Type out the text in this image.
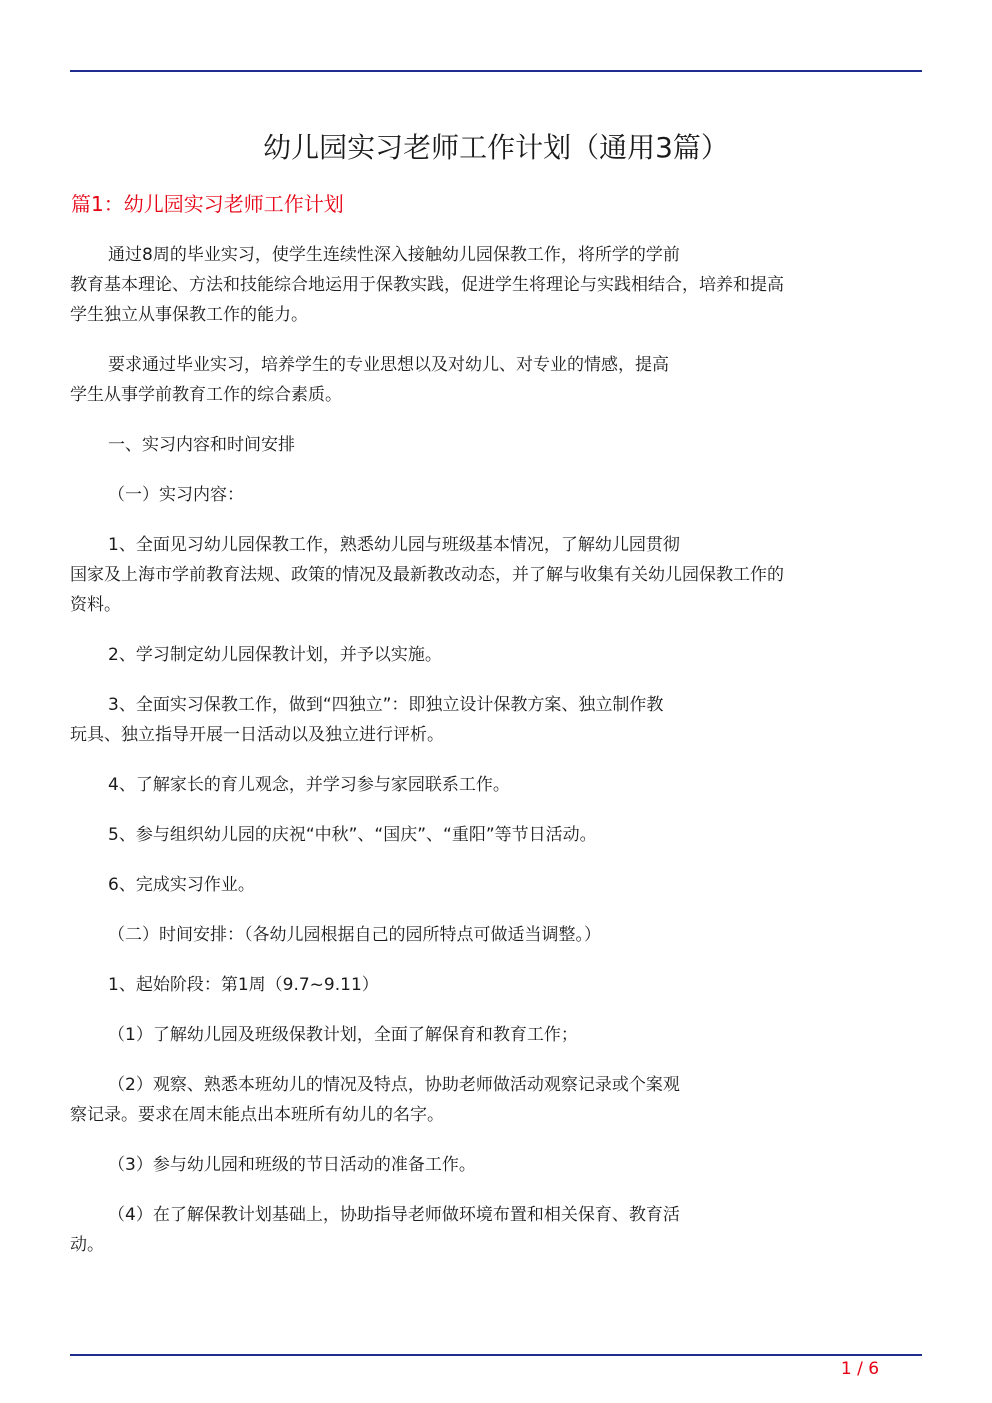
幼儿园实习老师工作计划（通用3篇）
篇1：幼儿园实习老师工作计划

通过8周的毕业实习，使学生连续性深入接触幼儿园保教工作，将所学的学前
教育基本理论、方法和技能综合地运用于保教实践，促进学生将理论与实践相结合，培养和提高
学生独立从事保教工作的能力。

要求通过毕业实习，培养学生的专业思想以及对幼儿、对专业的情感，提高
学生从事学前教育工作的综合素质。

一、实习内容和时间安排

（一）实习内容：

1、全面见习幼儿园保教工作，熟悉幼儿园与班级基本情况，了解幼儿园贯彻
国家及上海市学前教育法规、政策的情况及最新教改动态，并了解与收集有关幼儿园保教工作的
资料。

2、学习制定幼儿园保教计划，并予以实施。

3、全面实习保教工作，做到“四独立”：即独立设计保教方案、独立制作教
玩具、独立指导开展一日活动以及独立进行评析。

4、了解家长的育儿观念，并学习参与家园联系工作。

5、参与组织幼儿园的庆祝“中秋”、“国庆”、“重阳”等节日活动。

6、完成实习作业。

（二）时间安排：（各幼儿园根据自己的园所特点可做适当调整。）

1、起始阶段：第1周（9.7~9.11）

（1）了解幼儿园及班级保教计划，全面了解保育和教育工作；

（2）观察、熟悉本班幼儿的情况及特点，协助老师做活动观察记录或个案观
察记录。要求在周末能点出本班所有幼儿的名字。

（3）参与幼儿园和班级的节日活动的准备工作。

（4）在了解保教计划基础上，协助指导老师做环境布置和相关保育、教育活
动。

1 / 6
